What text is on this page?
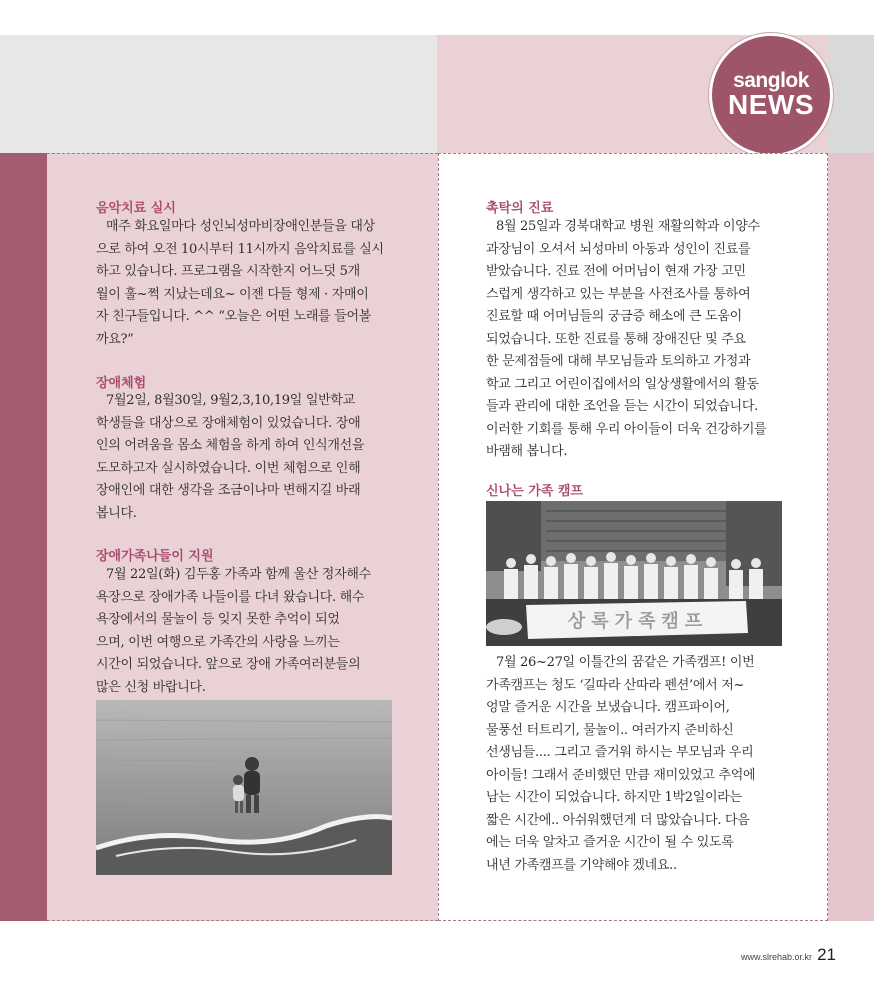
sanglok
NEWS
음악치료 실시
매주 화요일마다 성인뇌성마비장애인분들을 대상
으로 하여 오전 10시부터 11시까지 음악치료를 실시
하고 있습니다. 프로그램을 시작한지 어느덧 5개
월이 훌~쩍 지났는데요~ 이젠 다들 형제 · 자매이
자 친구들입니다. ^^ “오늘은 어떤 노래를 들어볼
까요?”
장애체험
7월2일, 8월30일, 9월2,3,10,19일 일반학교
학생들을 대상으로 장애체험이 있었습니다. 장애
인의 어려움을 몸소 체험을 하게 하여 인식개선을
도모하고자 실시하였습니다. 이번 체험으로 인해
장애인에 대한 생각을 조금이나마 변해지길 바래
봅니다.
장애가족나들이 지원
7월 22일(화) 김두홍 가족과 함께 울산 정자해수
욕장으로 장애가족 나들이를 다녀 왔습니다. 해수
욕장에서의 물놀이 등 잊지 못한 추억이 되었
으며, 이번 여행으로 가족간의 사랑을 느끼는
시간이 되었습니다. 앞으로 장애 가족여러분들의
많은 신청 바랍니다.
촉탁의 진료
8월 25일과 경북대학교 병원 재활의학과 이양수
과장님이 오셔서 뇌성마비 아동과 성인이 진료를
받았습니다. 진료 전에 어머님이 현재 가장 고민
스럽게 생각하고 있는 부분을 사전조사를 통하여
진료할 때 어머님들의 궁금증 해소에 큰 도움이
되었습니다. 또한 진료를 통해 장애진단 및 주요
한 문제점들에 대해 부모님들과 토의하고 가정과
학교 그리고 어린이집에서의 일상생활에서의 활동
들과 관리에 대한 조언을 듣는 시간이 되었습니다.
이러한 기회를 통해 우리 아이들이 더욱 건강하기를
바램해 봅니다.
신나는 가족 캠프
상록가족캠프
7월 26~27일 이틀간의 꿈같은 가족캠프! 이번
가족캠프는 청도 ‘길따라 산따라 펜션’에서 저~
엉말 즐거운 시간을 보냈습니다. 캠프파이어,
물풍선 터트리기, 물놀이.. 여러가지 준비하신
선생님들.... 그리고 즐거워 하시는 부모님과 우리
아이들! 그래서 준비했던 만큼 재미있었고 추억에
남는 시간이 되었습니다. 하지만 1박2일이라는
짧은 시간에.. 아쉬워했던게 더 많았습니다. 다음
에는 더욱 알차고 즐거운 시간이 될 수 있도록
내년 가족캠프를 기약해야 겠네요..
www.slrehab.or.kr 21
